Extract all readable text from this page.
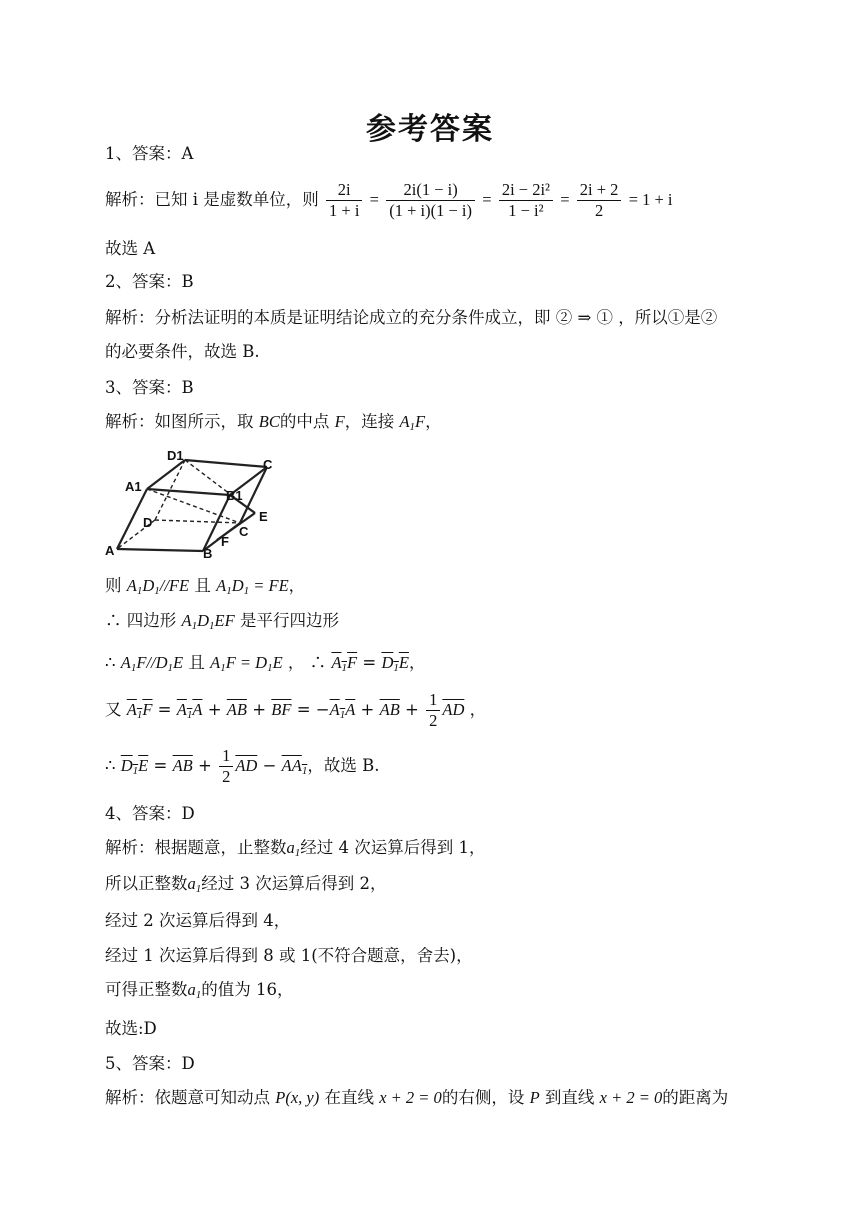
参考答案
1、答案：A
解析：已知 i 是虚数单位，则 $\frac{2i}{1 + i} = \frac{2i(1 - i)}{(1 + i)(1 - i)} = \frac{\text{2i − 2i²}}{\text{1 − i²}} = \frac{2i + 2}{2} = 1 + i$
故选 A
2、答案：B
解析：分析法证明的本质是证明结论成立的充分条件成立，即 ② ⇒ ① ，所以①是②
的必要条件，故选 B.
3、答案：B
解析：如图所示，取 BC的中点 F，连接 $A_1F$，
D1
C
A1
B1
D	E
C
F
A	B
则 $A_1D_1//FE$ 且 $A_1D_1$ = FE，
∴ 四边形 $A_1D_1EF$ 是平行四边形
∴ $A_1F//D_1E$ 且 $A_1F = D_1E$ ， ∴ $A_1F = D_1E$，
又 $A_1F = A_1A + \overline{AB} + \overline{BF} = -A_1A + \overline{AB} + \frac{1}{2} \overline{AD}$ ，
∴ $D_1E = \overline{AB} + \frac{1}{2} \overline{AD} - AA_1$，故选 B.
4、答案：D
解析：根据题意，止整数$a_1$经过 4 次运算后得到 1，
所以正整数$a_1$经过 3 次运算后得到 2，
经过 2 次运算后得到 4，
经过 1 次运算后得到 8 或 1(不符合题意，舍去)，
可得正整数$a_1$的值为 16，
故选:D
5、答案：D
解析：依题意可知动点 P(x, y) 在直线 x + 2 = 0的右侧，设 P 到直线 x + 2 = 0的距离为
